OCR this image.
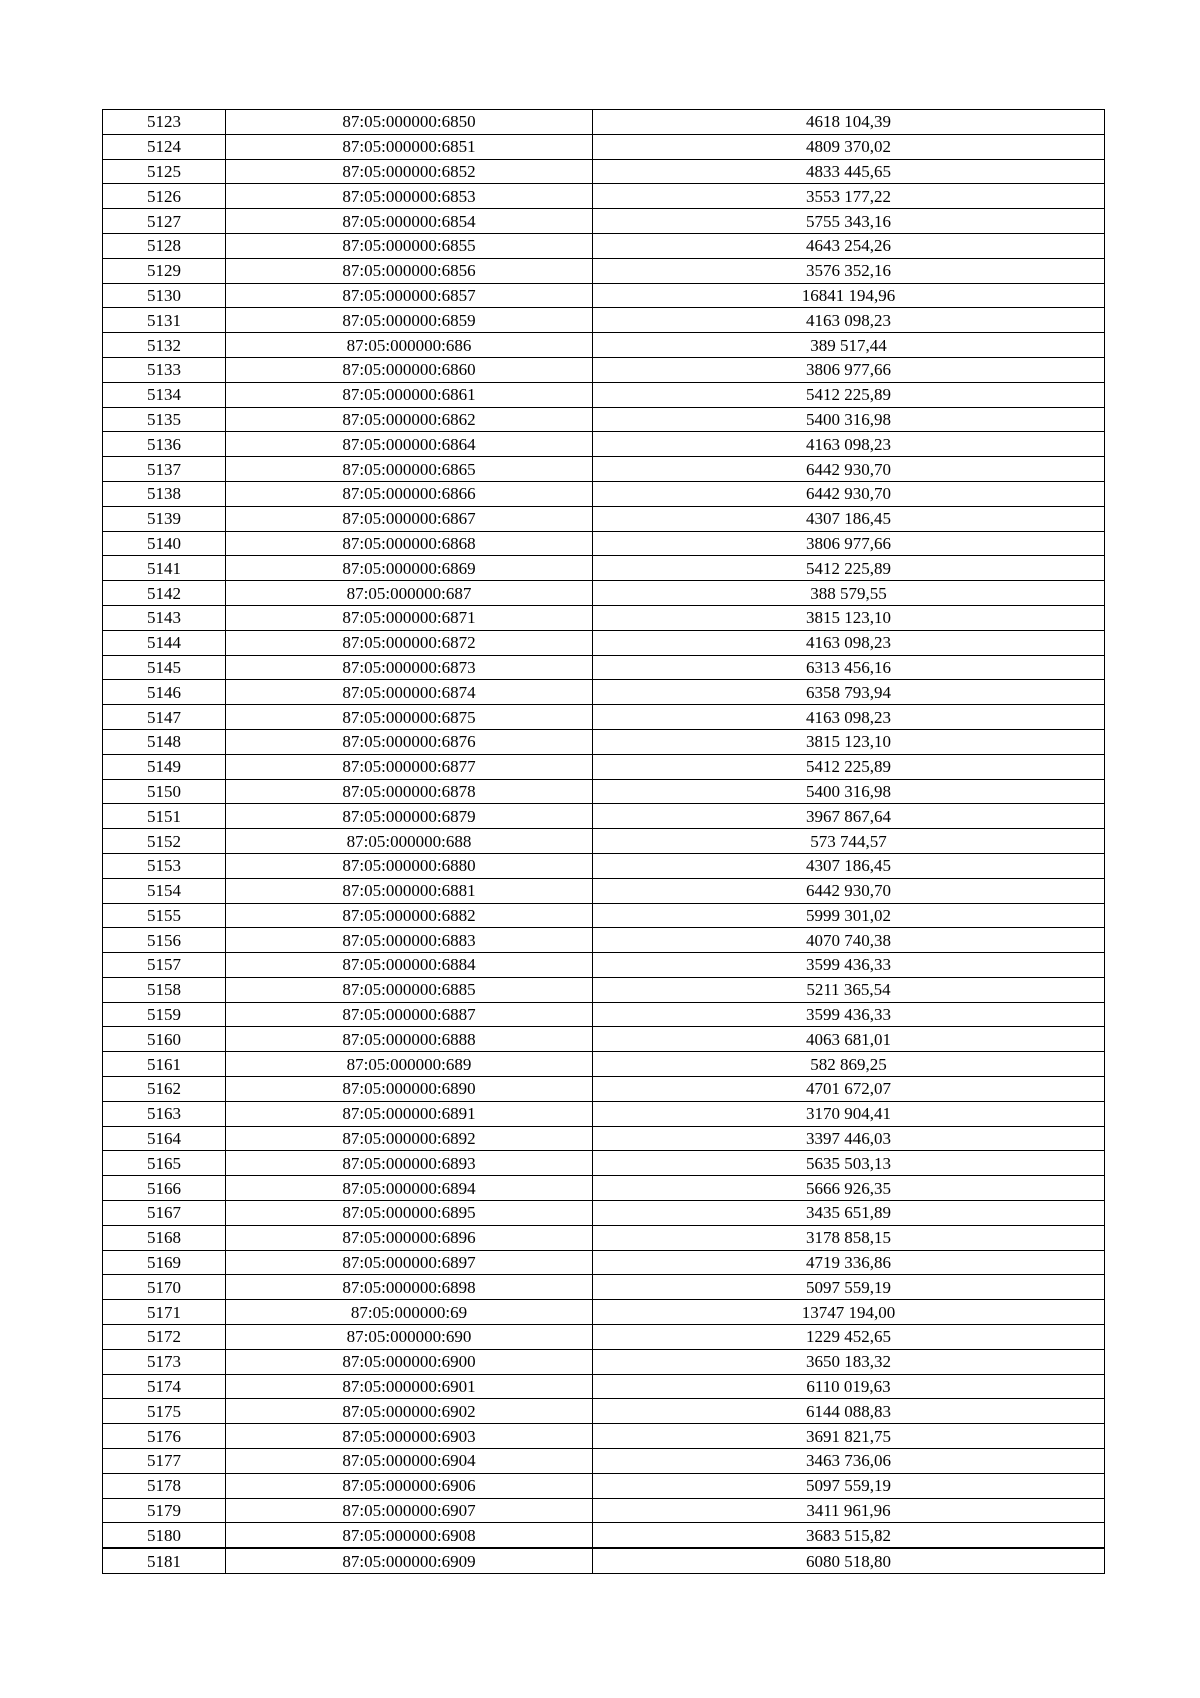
5123	87:05:000000:6850	4618 104,39
5124	87:05:000000:6851	4809 370,02
5125	87:05:000000:6852	4833 445,65
5126	87:05:000000:6853	3553 177,22
5127	87:05:000000:6854	5755 343,16
5128	87:05:000000:6855	4643 254,26
5129	87:05:000000:6856	3576 352,16
5130	87:05:000000:6857	16841 194,96
5131	87:05:000000:6859	4163 098,23
5132	87:05:000000:686	389 517,44
5133	87:05:000000:6860	3806 977,66
5134	87:05:000000:6861	5412 225,89
5135	87:05:000000:6862	5400 316,98
5136	87:05:000000:6864	4163 098,23
5137	87:05:000000:6865	6442 930,70
5138	87:05:000000:6866	6442 930,70
5139	87:05:000000:6867	4307 186,45
5140	87:05:000000:6868	3806 977,66
5141	87:05:000000:6869	5412 225,89
5142	87:05:000000:687	388 579,55
5143	87:05:000000:6871	3815 123,10
5144	87:05:000000:6872	4163 098,23
5145	87:05:000000:6873	6313 456,16
5146	87:05:000000:6874	6358 793,94
5147	87:05:000000:6875	4163 098,23
5148	87:05:000000:6876	3815 123,10
5149	87:05:000000:6877	5412 225,89
5150	87:05:000000:6878	5400 316,98
5151	87:05:000000:6879	3967 867,64
5152	87:05:000000:688	573 744,57
5153	87:05:000000:6880	4307 186,45
5154	87:05:000000:6881	6442 930,70
5155	87:05:000000:6882	5999 301,02
5156	87:05:000000:6883	4070 740,38
5157	87:05:000000:6884	3599 436,33
5158	87:05:000000:6885	5211 365,54
5159	87:05:000000:6887	3599 436,33
5160	87:05:000000:6888	4063 681,01
5161	87:05:000000:689	582 869,25
5162	87:05:000000:6890	4701 672,07
5163	87:05:000000:6891	3170 904,41
5164	87:05:000000:6892	3397 446,03
5165	87:05:000000:6893	5635 503,13
5166	87:05:000000:6894	5666 926,35
5167	87:05:000000:6895	3435 651,89
5168	87:05:000000:6896	3178 858,15
5169	87:05:000000:6897	4719 336,86
5170	87:05:000000:6898	5097 559,19
5171	87:05:000000:69	13747 194,00
5172	87:05:000000:690	1229 452,65
5173	87:05:000000:6900	3650 183,32
5174	87:05:000000:6901	6110 019,63
5175	87:05:000000:6902	6144 088,83
5176	87:05:000000:6903	3691 821,75
5177	87:05:000000:6904	3463 736,06
5178	87:05:000000:6906	5097 559,19
5179	87:05:000000:6907	3411 961,96
5180	87:05:000000:6908	3683 515,82
5181	87:05:000000:6909	6080 518,80
